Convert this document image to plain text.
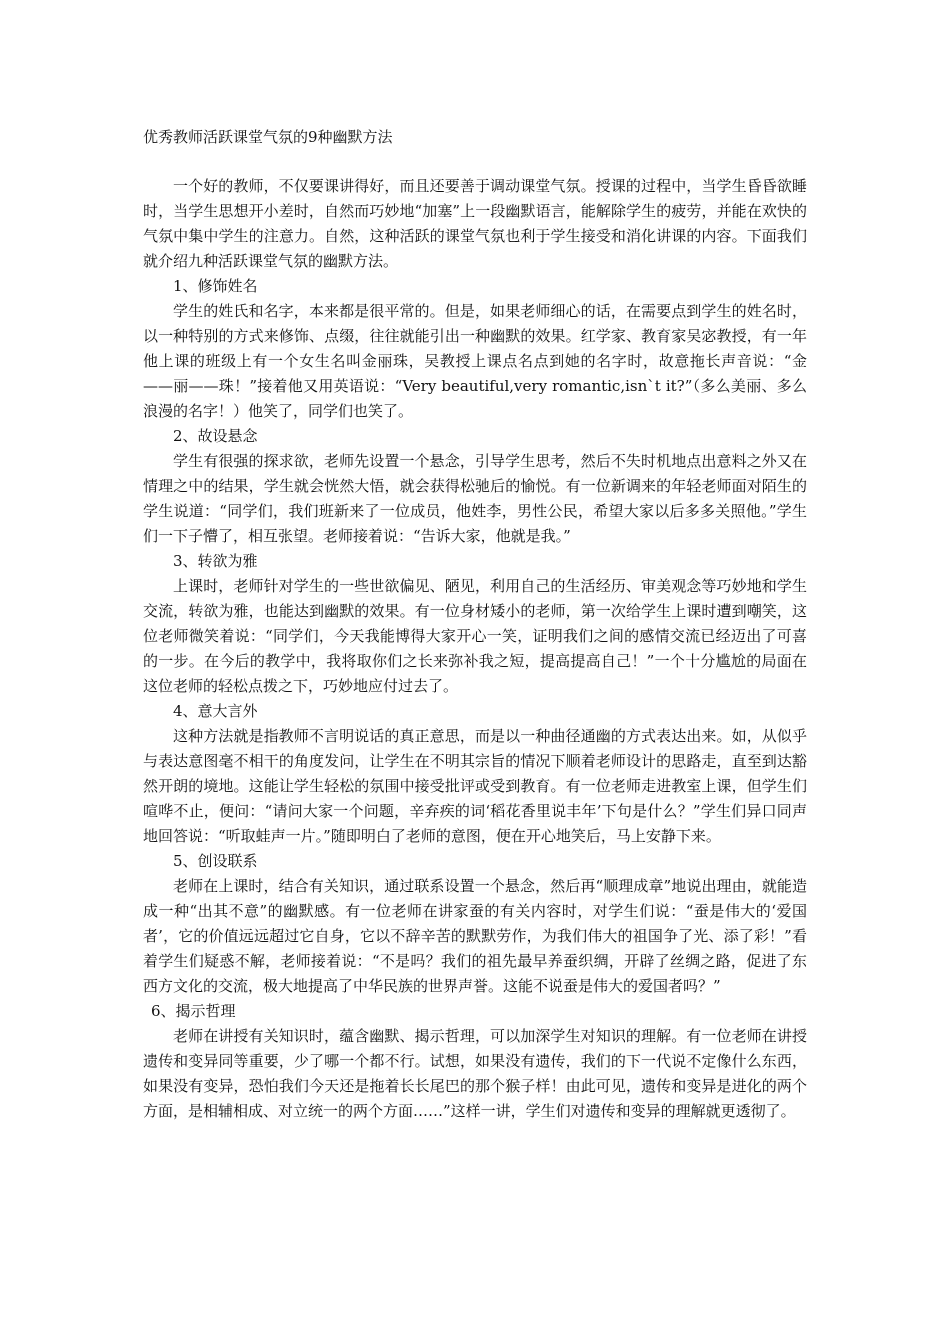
优秀教师活跃课堂气氛的9种幽默方法

一个好的教师，不仅要课讲得好，而且还要善于调动课堂气氛。授课的过程中，当学生昏昏欲睡时，当学生思想开小差时，自然而巧妙地“加塞”上一段幽默语言，能解除学生的疲劳，并能在欢快的气氛中集中学生的注意力。自然，这种活跃的课堂气氛也利于学生接受和消化讲课的内容。下面我们就介绍九种活跃课堂气氛的幽默方法。

1、修饰姓名

学生的姓氏和名字，本来都是很平常的。但是，如果老师细心的话，在需要点到学生的姓名时，以一种特别的方式来修饰、点缀，往往就能引出一种幽默的效果。红学家、教育家吴宓教授，有一年他上课的班级上有一个女生名叫金丽珠，吴教授上课点名点到她的名字时，故意拖长声音说：“金——丽——珠！”接着他又用英语说：“Very beautiful,very romantic,isn`t it?”（多么美丽、多么浪漫的名字！）他笑了，同学们也笑了。

2、故设悬念

学生有很强的探求欲，老师先设置一个悬念，引导学生思考，然后不失时机地点出意料之外又在情理之中的结果，学生就会恍然大悟，就会获得松驰后的愉悦。有一位新调来的年轻老师面对陌生的学生说道：“同学们，我们班新来了一位成员，他姓李，男性公民，希望大家以后多多关照他。”学生们一下子懵了，相互张望。老师接着说：“告诉大家，他就是我。”

3、转欲为雅

上课时，老师针对学生的一些世欲偏见、陋见，利用自己的生活经历、审美观念等巧妙地和学生交流，转欲为雅，也能达到幽默的效果。有一位身材矮小的老师，第一次给学生上课时遭到嘲笑，这位老师微笑着说：“同学们，今天我能博得大家开心一笑，证明我们之间的感情交流已经迈出了可喜的一步。在今后的教学中，我将取你们之长来弥补我之短，提高提高自己！”一个十分尴尬的局面在这位老师的轻松点拨之下，巧妙地应付过去了。

4、意大言外

这种方法就是指教师不言明说话的真正意思，而是以一种曲径通幽的方式表达出来。如，从似乎与表达意图毫不相干的角度发问，让学生在不明其宗旨的情况下顺着老师设计的思路走，直至到达豁然开朗的境地。这能让学生轻松的氛围中接受批评或受到教育。有一位老师走进教室上课，但学生们喧哗不止，便问：“请问大家一个问题，辛弃疾的词‘稻花香里说丰年’下句是什么？”学生们异口同声地回答说：“听取蛙声一片。”随即明白了老师的意图，便在开心地笑后，马上安静下来。

5、创设联系

老师在上课时，结合有关知识，通过联系设置一个悬念，然后再“顺理成章”地说出理由，就能造成一种“出其不意”的幽默感。有一位老师在讲家蚕的有关内容时，对学生们说：“蚕是伟大的‘爱国者’，它的价值远远超过它自身，它以不辞辛苦的默默劳作，为我们伟大的祖国争了光、添了彩！”看着学生们疑惑不解，老师接着说：“不是吗？我们的祖先最早养蚕织绸，开辟了丝绸之路，促进了东西方文化的交流，极大地提高了中华民族的世界声誉。这能不说蚕是伟大的爱国者吗？”

6、揭示哲理

老师在讲授有关知识时，蕴含幽默、揭示哲理，可以加深学生对知识的理解。有一位老师在讲授遗传和变异同等重要，少了哪一个都不行。试想，如果没有遗传，我们的下一代说不定像什么东西，如果没有变异，恐怕我们今天还是拖着长长尾巴的那个猴子样！由此可见，遗传和变异是进化的两个方面，是相辅相成、对立统一的两个方面……”这样一讲，学生们对遗传和变异的理解就更透彻了。
